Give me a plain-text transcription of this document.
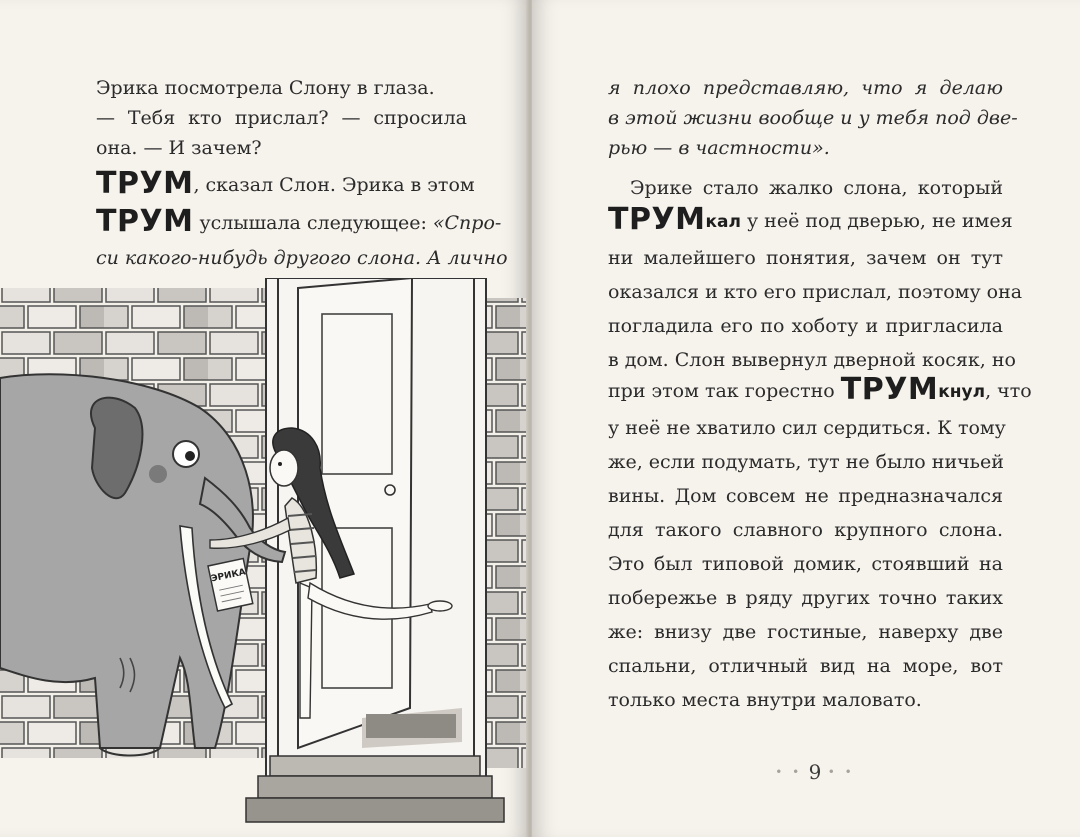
Эрика посмотрела Слону в глаза.
— Тебя кто прислал? — спросила
она. — И зачем?
ТРУМ, сказал Слон. Эрика в этом
ТРУМ услышала следующее: «Спро-
си какого-нибудь другого слона. А лично
ЭРИКА
я плохо представляю, что я делаю
в этой жизни вообще и у тебя под две-
рью — в частности».
Эрике стало жалко слона, который
ТРУМкал у неё под дверью, не имея
ни малейшего понятия, зачем он тут
оказался и кто его прислал, поэтому она
погладила его по хоботу и пригласила
в дом. Слон вывернул дверной косяк, но
при этом так горестно ТРУМкнул, что
у неё не хватило сил сердиться. К тому
же, если подумать, тут не было ничьей
вины. Дом совсем не предназначался
для такого славного крупного слона.
Это был типовой домик, стоявший на
побережье в ряду других точно таких
же: внизу две гостиные, наверху две
спальни, отличный вид на море, вот
только места внутри маловато.
• • 9 • •
